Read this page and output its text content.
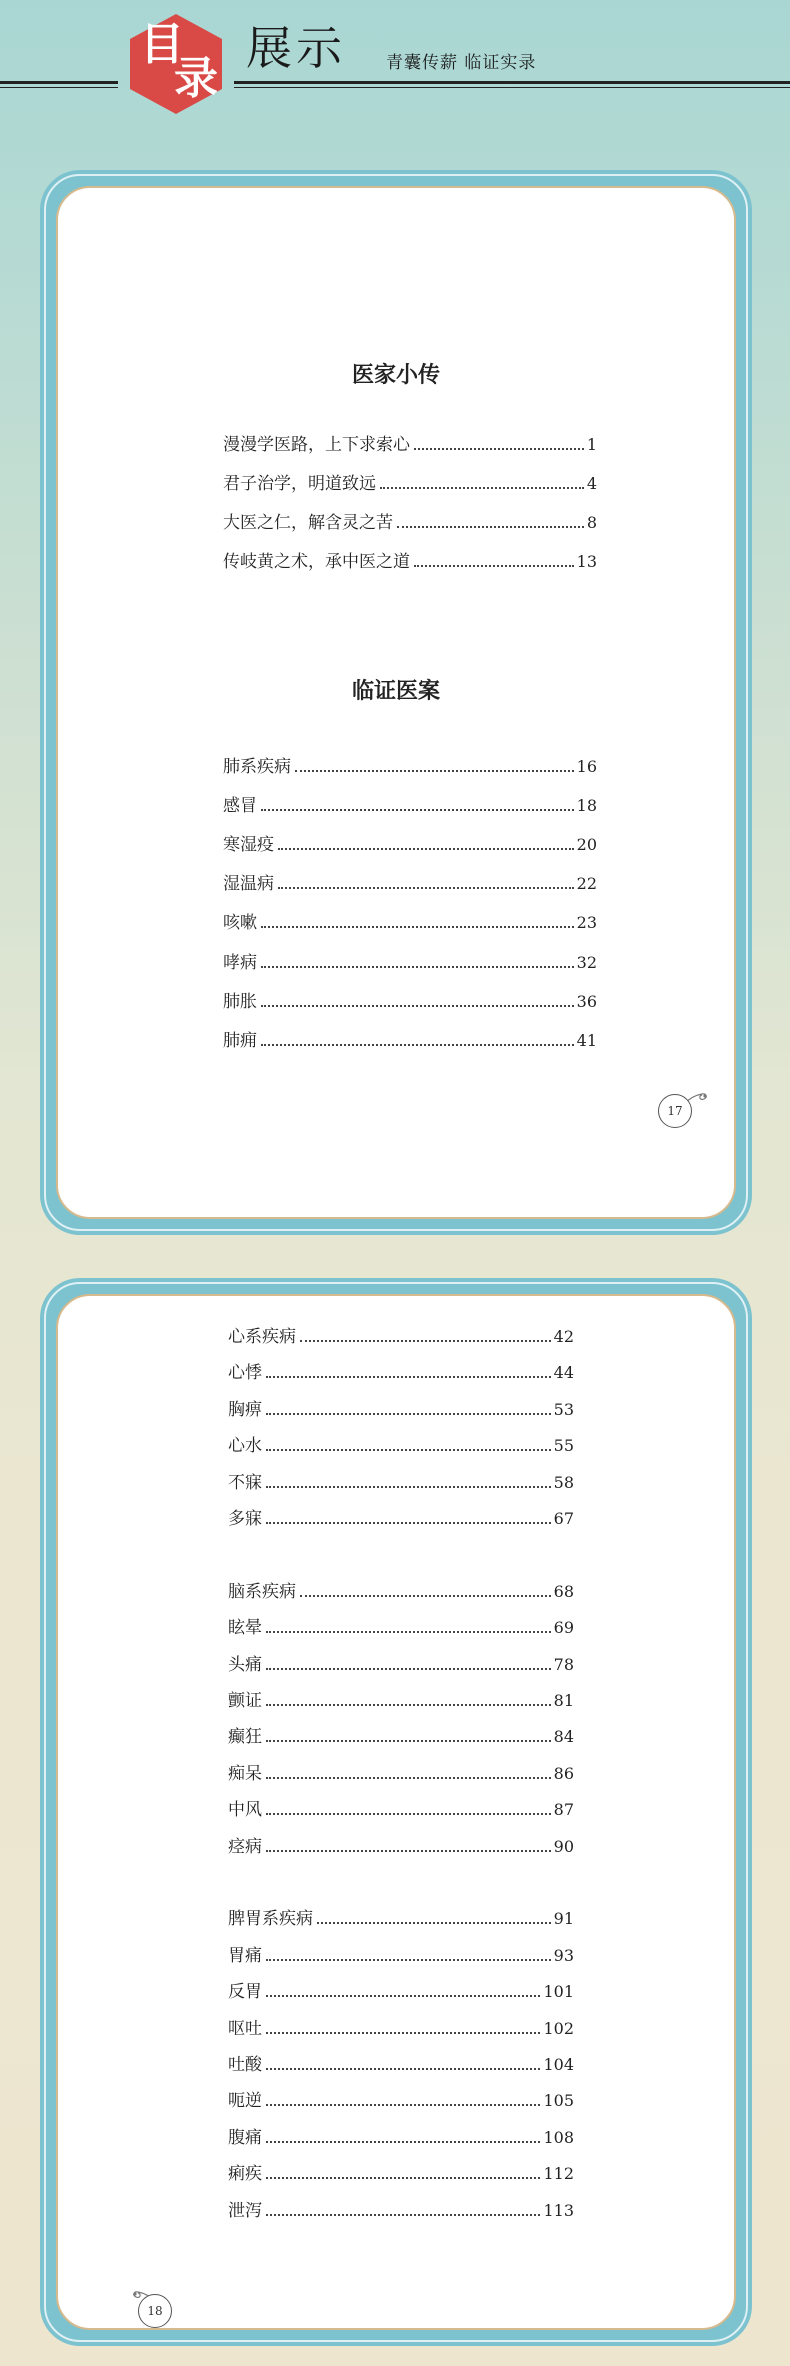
目
录
展示 青囊传薪 临证实录
医家小传
漫漫学医路，上下求索心	1
君子治学，明道致远	4
大医之仁，解含灵之苦	8
传岐黄之术，承中医之道	13
临证医案
肺系疾病	16
感冒	18
寒湿疫	20
湿温病	22
咳嗽	23
哮病	32
肺胀	36
肺痈	41
17
心系疾病	42
心悸	44
胸痹	53
心水	55
不寐	58
多寐	67
脑系疾病	68
眩晕	69
头痛	78
颤证	81
癫狂	84
痴呆	86
中风	87
痉病	90
脾胃系疾病	91
胃痛	93
反胃	101
呕吐	102
吐酸	104
呃逆	105
腹痛	108
痢疾	112
泄泻	113
18
